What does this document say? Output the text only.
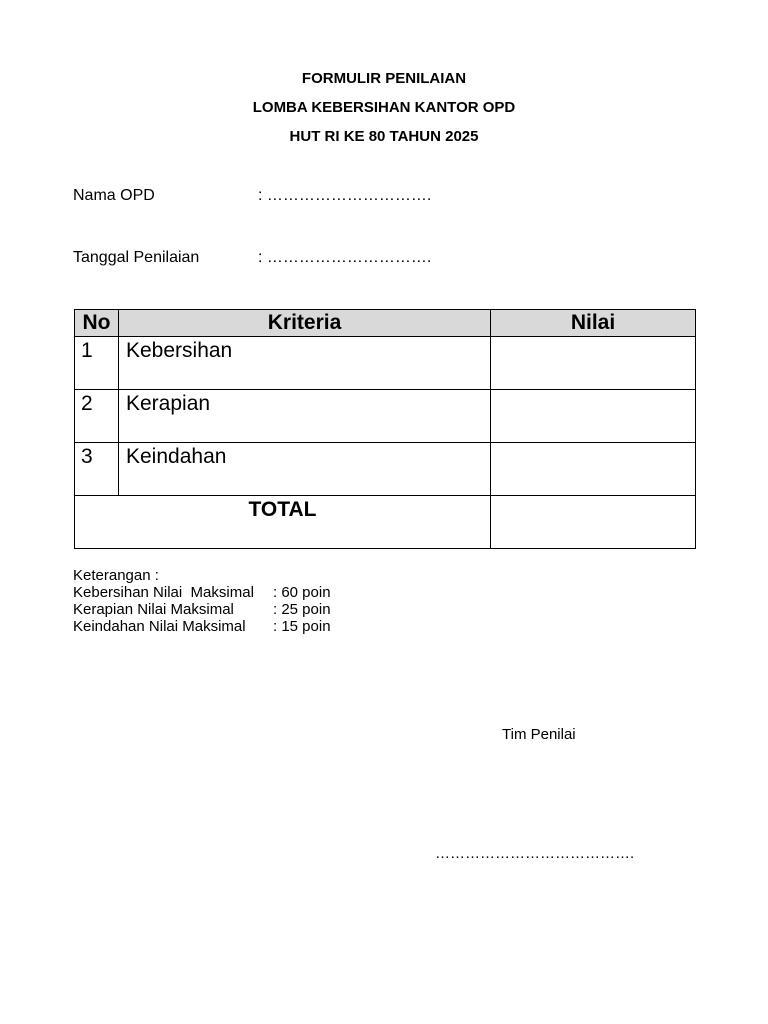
FORMULIR PENILAIAN
LOMBA KEBERSIHAN KANTOR OPD
HUT RI KE 80 TAHUN 2025
Nama OPD	: ………………………….
Tanggal Penilaian	: ………………………….
No	Kriteria	Nilai
1	Kebersihan	
2	Kerapian	
3	Keindahan	
TOTAL		
Keterangan :
Kebersihan Nilai  Maksimal	: 60 poin
Kerapian Nilai Maksimal	: 25 poin
Keindahan Nilai Maksimal	: 15 poin
Tim Penilai
………………………………….
